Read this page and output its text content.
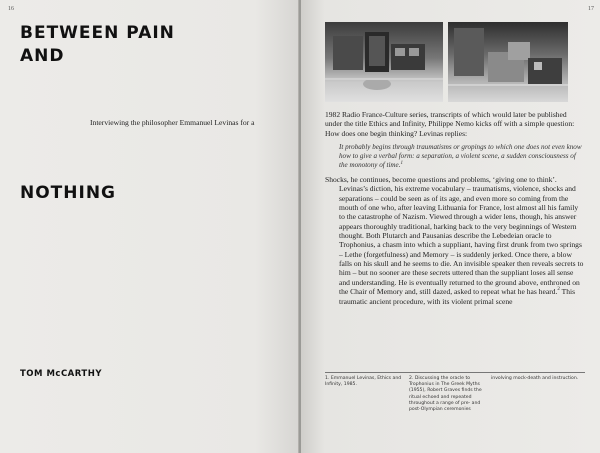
16
BETWEEN PAIN
AND
Interviewing the philosopher Emmanuel Levinas for a
NOTHING
TOM McCARTHY
17

1982 Radio France-Culture series, transcripts of which would later be published under the title Ethics and Infinity, Philippe Nemo kicks off with a simple question: How does one begin thinking? Levinas replies:

It probably begins through traumatisms or gropings to which one does not even know how to give a verbal form: a separation, a violent scene, a sudden consciousness of the monotony of time.$^1$

Shocks, he continues, become questions and problems, ‘giving one to think’.

Levinas’s diction, his extreme vocabulary – traumatisms, violence, shocks and separations – could be seen as of its age, and even more so coming from the mouth of one who, after leaving Lithuania for France, lost almost all his family to the catastrophe of Nazism. Viewed through a wider lens, though, his answer appears thoroughly traditional, harking back to the very beginnings of Western thought. Both Plutarch and Pausanias describe the Lebedeian oracle to Trophonius, a chasm into which a suppliant, having first drunk from two springs – Lethe (forgetfulness) and Memory – is suddenly jerked. Once there, a blow falls on his skull and he seems to die. An invisible speaker then reveals secrets to him – but no sooner are these secrets uttered than the suppliant loses all sense and understanding. He is eventually returned to the ground above, enthroned on the Chair of Memory and, still dazed, asked to repeat what he has heard.$^2$ This traumatic ancient procedure, with its violent primal scene

1. Emmanuel Levinas, Ethics and Infinity, 1985.
2. Discussing the oracle to Trophonius in The Greek Myths (1955), Robert Graves finds the ritual echoed and repeated throughout a range of pre- and post-Olympian ceremonies
involving mock-death and instruction.
